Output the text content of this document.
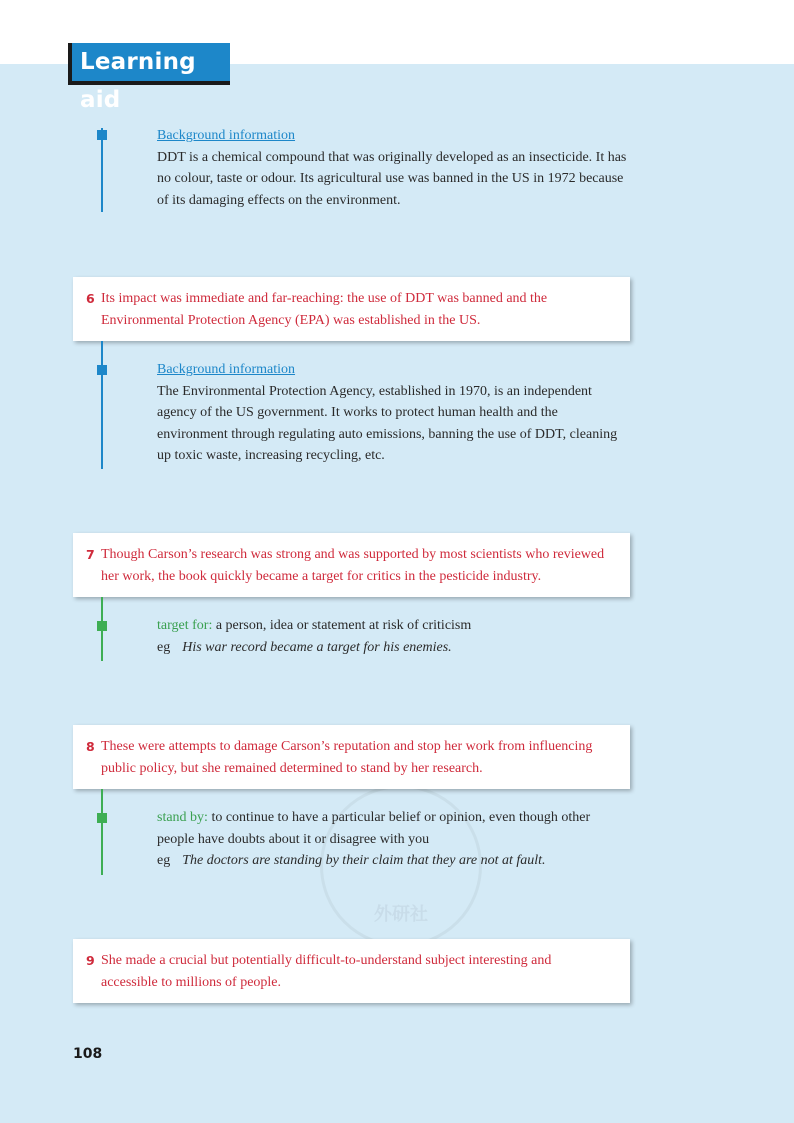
外研社
Learning aid
Background information
DDT is a chemical compound that was originally developed as an insecticide. It has no colour, taste or odour. Its agricultural use was banned in the US in 1972 because of its damaging effects on the environment.
6 Its impact was immediate and far-reaching: the use of DDT was banned and the Environmental Protection Agency (EPA) was established in the US.
Background information
The Environmental Protection Agency, established in 1970, is an independent agency of the US government. It works to protect human health and the environment through regulating auto emissions, banning the use of DDT, cleaning up toxic waste, increasing recycling, etc.
7 Though Carson’s research was strong and was supported by most scientists who reviewed her work, the book quickly became a target for critics in the pesticide industry.
target for: a person, idea or statement at risk of criticism
eg His war record became a target for his enemies.
8 These were attempts to damage Carson’s reputation and stop her work from influencing public policy, but she remained determined to stand by her research.
stand by: to continue to have a particular belief or opinion, even though other people have doubts about it or disagree with you
eg The doctors are standing by their claim that they are not at fault.
9 She made a crucial but potentially difficult-to-understand subject interesting and accessible to millions of people.
108
